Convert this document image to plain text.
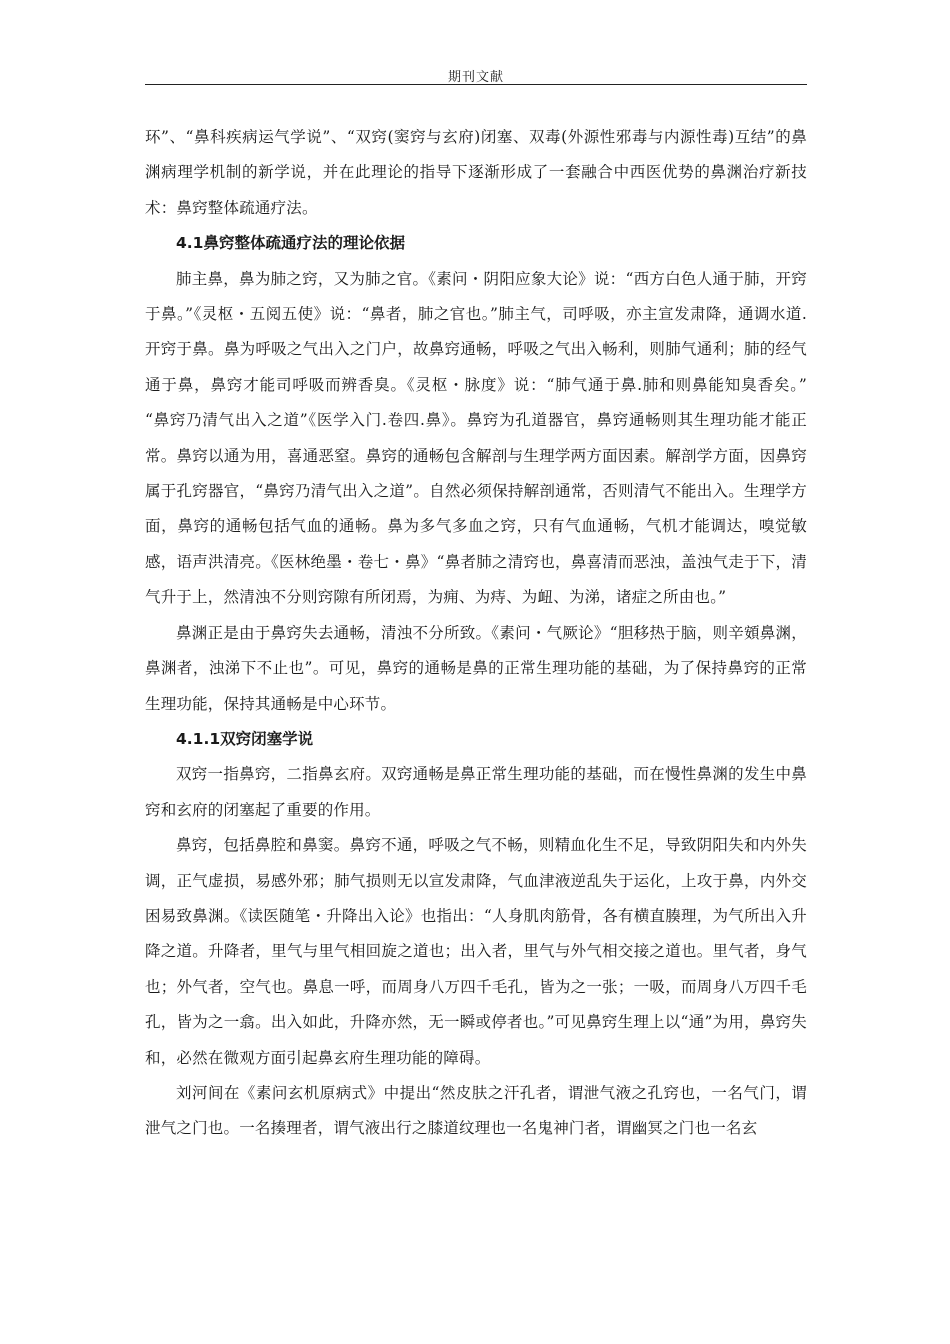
期刊文献

环”、“鼻科疾病运气学说”、“双窍(窦窍与玄府)闭塞、双毒(外源性邪毒与内源性毒)互结”的鼻渊病理学机制的新学说，并在此理论的指导下逐渐形成了一套融合中西医优势的鼻渊治疗新技术：鼻窍整体疏通疗法。

4.1鼻窍整体疏通疗法的理论依据

肺主鼻，鼻为肺之窍，又为肺之官。《素问・阴阳应象大论》说：“西方白色人通于肺，开窍于鼻。”《灵枢・五阅五使》说：“鼻者，肺之官也。”肺主气，司呼吸，亦主宣发肃降，通调水道.开窍于鼻。鼻为呼吸之气出入之门户，故鼻窍通畅，呼吸之气出入畅利，则肺气通利；肺的经气通于鼻，鼻窍才能司呼吸而辨香臭。《灵枢・脉度》说：“肺气通于鼻.肺和则鼻能知臭香矣。” “鼻窍乃清气出入之道”《医学入门.卷四.鼻》。鼻窍为孔道器官，鼻窍通畅则其生理功能才能正常。鼻窍以通为用，喜通恶窒。鼻窍的通畅包含解剖与生理学两方面因素。解剖学方面，因鼻窍属于孔窍器官，“鼻窍乃清气出入之道”。自然必须保持解剖通常，否则清气不能出入。生理学方面，鼻窍的通畅包括气血的通畅。鼻为多气多血之窍，只有气血通畅，气机才能调达，嗅觉敏感，语声洪清亮。《医林绝墨・卷七・鼻》“鼻者肺之清窍也，鼻喜清而恶浊，盖浊气走于下，清气升于上，然清浊不分则窍隙有所闭焉，为痈、为痔、为衄、为涕，诸症之所由也。”

鼻渊正是由于鼻窍失去通畅，清浊不分所致。《素问・气厥论》“胆移热于脑，则辛頞鼻渊，鼻渊者，浊涕下不止也”。可见，鼻窍的通畅是鼻的正常生理功能的基础，为了保持鼻窍的正常生理功能，保持其通畅是中心环节。

4.1.1双窍闭塞学说

双窍一指鼻窍，二指鼻玄府。双窍通畅是鼻正常生理功能的基础，而在慢性鼻渊的发生中鼻窍和玄府的闭塞起了重要的作用。

鼻窍，包括鼻腔和鼻窦。鼻窍不通，呼吸之气不畅，则精血化生不足，导致阴阳失和内外失调，正气虚损，易感外邪；肺气损则无以宣发肃降，气血津液逆乱失于运化，上攻于鼻，内外交困易致鼻渊。《读医随笔・升降出入论》也指出：“人身肌肉筋骨，各有横直腠理，为气所出入升降之道。升降者，里气与里气相回旋之道也；出入者，里气与外气相交接之道也。里气者，身气也；外气者，空气也。鼻息一呼，而周身八万四千毛孔，皆为之一张；一吸，而周身八万四千毛孔，皆为之一翕。出入如此，升降亦然，无一瞬或停者也。”可见鼻窍生理上以“通”为用，鼻窍失和，必然在微观方面引起鼻玄府生理功能的障碍。

刘河间在《素问玄机原病式》中提出“然皮肤之汗孔者，谓泄气液之孔窍也，一名气门，谓泄气之门也。一名揍理者，谓气液出行之膝道纹理也一名鬼神门者，谓幽冥之门也一名玄
